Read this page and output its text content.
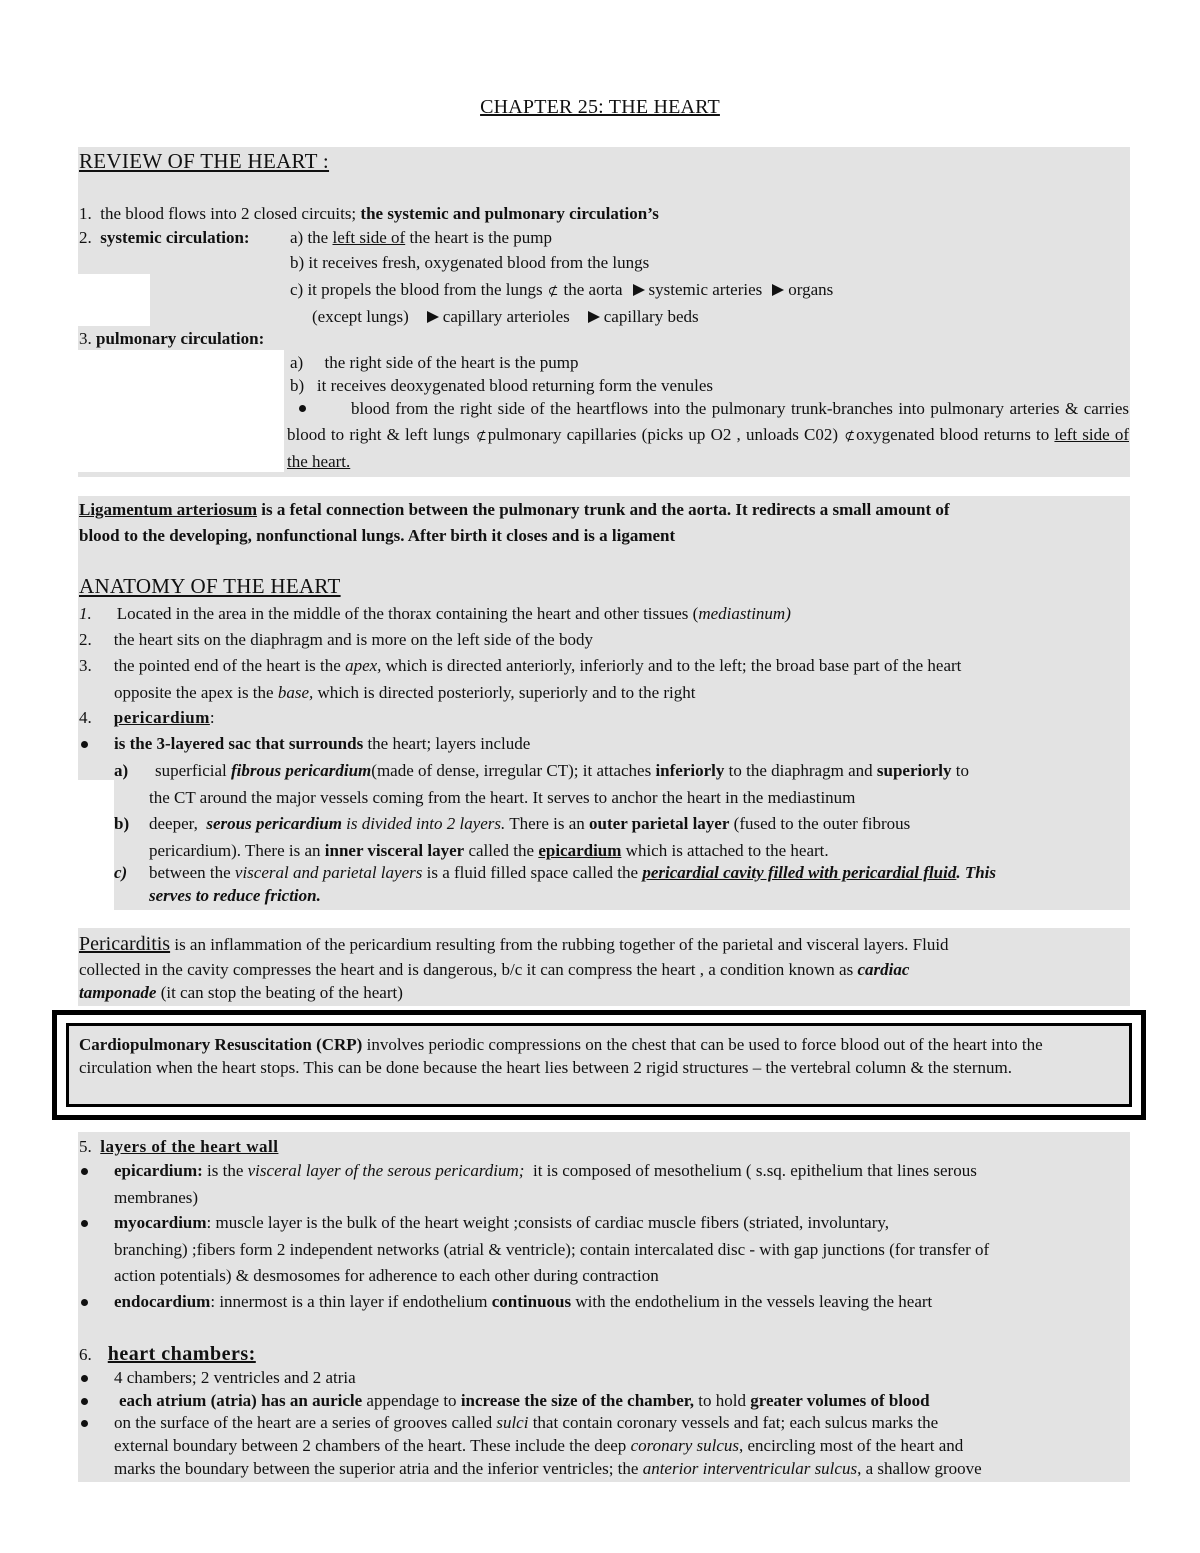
CHAPTER 25: THE HEART
REVIEW OF THE HEART :
1. the blood flows into 2 closed circuits; the systemic and pulmonary circulation’s
2. systemic circulation: a) the left side of the heart is the pump
b) it receives fresh, oxygenated blood from the lungs
c) it propels the blood from the lungs ⊄ the aorta systemic arteries organs
(except lungs) capillary arterioles capillary beds
3. pulmonary circulation:
a) the right side of the heart is the pump
b) it receives deoxygenated blood returning form the venules
blood from the right side of the heartflows into the pulmonary trunk-branches into pulmonary arteries & carries blood to right & left lungs ⊄pulmonary capillaries (picks up O2 , unloads C02) ⊄oxygenated blood returns to left side of the heart.
Ligamentum arteriosum is a fetal connection between the pulmonary trunk and the aorta. It redirects a small amount of
blood to the developing, nonfunctional lungs. After birth it closes and is a ligament
ANATOMY OF THE HEART
1. Located in the area in the middle of the thorax containing the heart and other tissues (mediastinum)
2. the heart sits on the diaphragm and is more on the left side of the body
3. the pointed end of the heart is the apex, which is directed anteriorly, inferiorly and to the left; the broad base part of the heart
opposite the apex is the base, which is directed posteriorly, superiorly and to the right
4. pericardium:
is the 3-layered sac that surrounds the heart; layers include
a) superficial fibrous pericardium(made of dense, irregular CT); it attaches inferiorly to the diaphragm and superiorly to
the CT around the major vessels coming from the heart. It serves to anchor the heart in the mediastinum
b) deeper, serous pericardium is divided into 2 layers. There is an outer parietal layer (fused to the outer fibrous
pericardium). There is an inner visceral layer called the epicardium which is attached to the heart.
c) between the visceral and parietal layers is a fluid filled space called the pericardial cavity filled with pericardial fluid. This
serves to reduce friction.
Pericarditis is an inflammation of the pericardium resulting from the rubbing together of the parietal and visceral layers. Fluid
collected in the cavity compresses the heart and is dangerous, b/c it can compress the heart , a condition known as cardiac
tamponade (it can stop the beating of the heart)
Cardiopulmonary Resuscitation (CRP) involves periodic compressions on the chest that can be used to force blood out of the heart into the circulation when the heart stops. This can be done because the heart lies between 2 rigid structures – the vertebral column & the sternum.
5. layers of the heart wall
epicardium: is the visceral layer of the serous pericardium; it is composed of mesothelium ( s.sq. epithelium that lines serous
membranes)
myocardium: muscle layer is the bulk of the heart weight ;consists of cardiac muscle fibers (striated, involuntary,
branching) ;fibers form 2 independent networks (atrial & ventricle); contain intercalated disc - with gap junctions (for transfer of
action potentials) & desmosomes for adherence to each other during contraction
endocardium: innermost is a thin layer if endothelium continuous with the endothelium in the vessels leaving the heart
6. heart chambers:
4 chambers; 2 ventricles and 2 atria
each atrium (atria) has an auricle appendage to increase the size of the chamber, to hold greater volumes of blood
on the surface of the heart are a series of grooves called sulci that contain coronary vessels and fat; each sulcus marks the
external boundary between 2 chambers of the heart. These include the deep coronary sulcus, encircling most of the heart and
marks the boundary between the superior atria and the inferior ventricles; the anterior interventricular sulcus, a shallow groove
